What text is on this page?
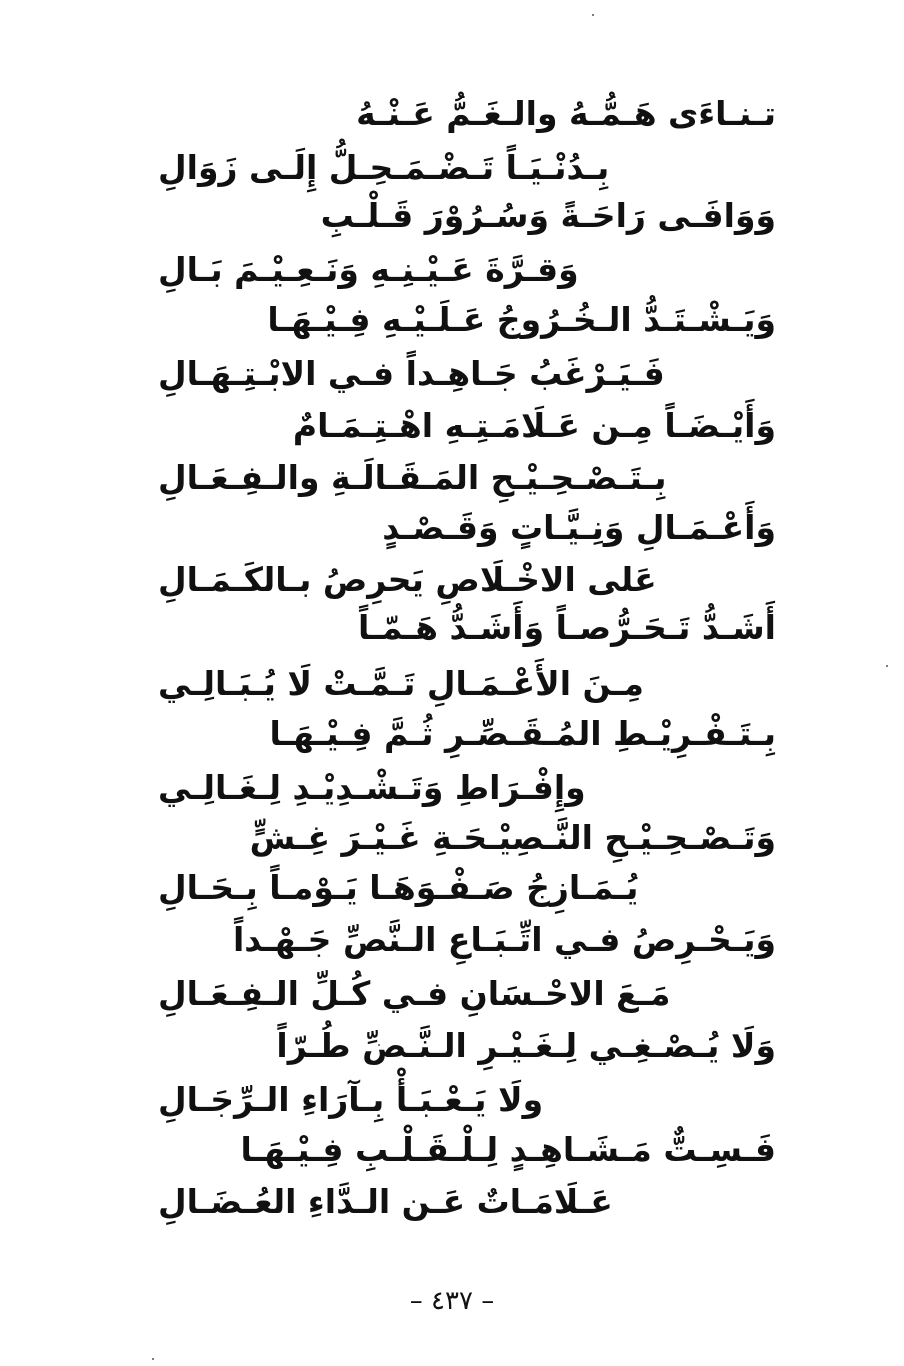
تـنـاءَى هَـمُّـهُ والـغَـمُّ عَـنْـهُ
بِـدُنْـيَـاً تَـضْـمَـحِـلُّ إِلَـى زَوَالِ
وَوَافَـى رَاحَـةً وَسُـرُوْرَ قَـلْـبِ
وَقـرَّةَ عَـيْـنِـهِ وَنَـعِـيْـمَ بَـالِ
وَيَـشْـتَـدُّ الـخُـرُوجُ عَـلَـيْـهِ فِـيْـهَـا
فَـيَـرْغَبُ جَـاهِـداً فـي الابْـتِـهَـالِ
وَأَيْـضَـاً مِـن عَـلَامَـتِـهِ اهْـتِـمَـامٌ
بِـتَـصْـحِـيْـحِ المَـقَـالَـةِ والـفِـعَـالِ
وَأَعْـمَـالِ وَنِـيَّـاتٍ وَقَـصْـدٍ
عَلى الاخْـلَاصِ يَحرِصُ بـالكَـمَـالِ
أَشَـدُّ تَـحَـرُّصـاً وَأَشَـدُّ هَـمّـاً
مِـنَ الأَعْـمَـالِ تَـمَّـتْ لَا يُـبَـالِـي
بِـتَـفْـرِيْـطِ المُـقَـصِّـرِ ثُـمَّ فِـيْـهَـا
وإِفْـرَاطِ وَتَـشْـدِيْـدِ لِـغَـالِـي
وَتَـصْـحِـيْـحِ النَّـصِيْـحَـةِ غَـيْـرَ غِـشٍّ
يُـمَـازِجُ صَـفْـوَهَـا يَـوْمـاً بِـحَـالِ
وَيَـحْـرِصُ فـي اتِّـبَـاعِ الـنَّصِّ جَـهْـداً
مَـعَ الاحْـسَانِ فـي كُـلِّ الـفِـعَـالِ
وَلَا يُـصْـغِـي لِـغَـيْـرِ الـنَّـصِّ طُـرّاً
ولَا يَـعْـبَـأْ بِـآرَاءِ الـرِّجَـالِ
فَـسِـتٌّ مَـشَـاهِـدٍ لِـلْـقَـلْـبِ فِـيْـهَـا
عَـلَامَـاتٌ عَـن الـدَّاءِ العُـضَـالِ
– ٤٣٧ –
